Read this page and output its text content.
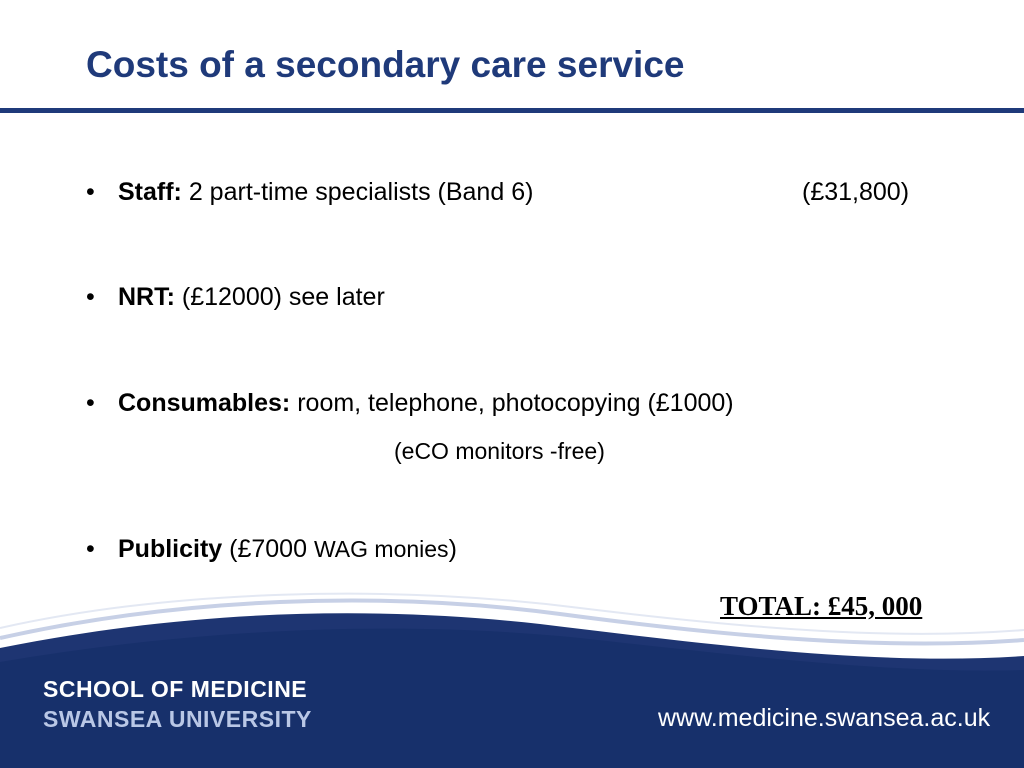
Costs of a secondary care service
• Staff: 2 part-time specialists (Band 6)	(£31,800)
• NRT: (£12000) see later
• Consumables: room, telephone, photocopying (£1000)
(eCO monitors -free)
• Publicity (£7000 WAG monies)
SCHOOL OF MEDICINE
SWANSEA UNIVERSITY	www.medicine.swansea.ac.uk
TOTAL: £45, 000
